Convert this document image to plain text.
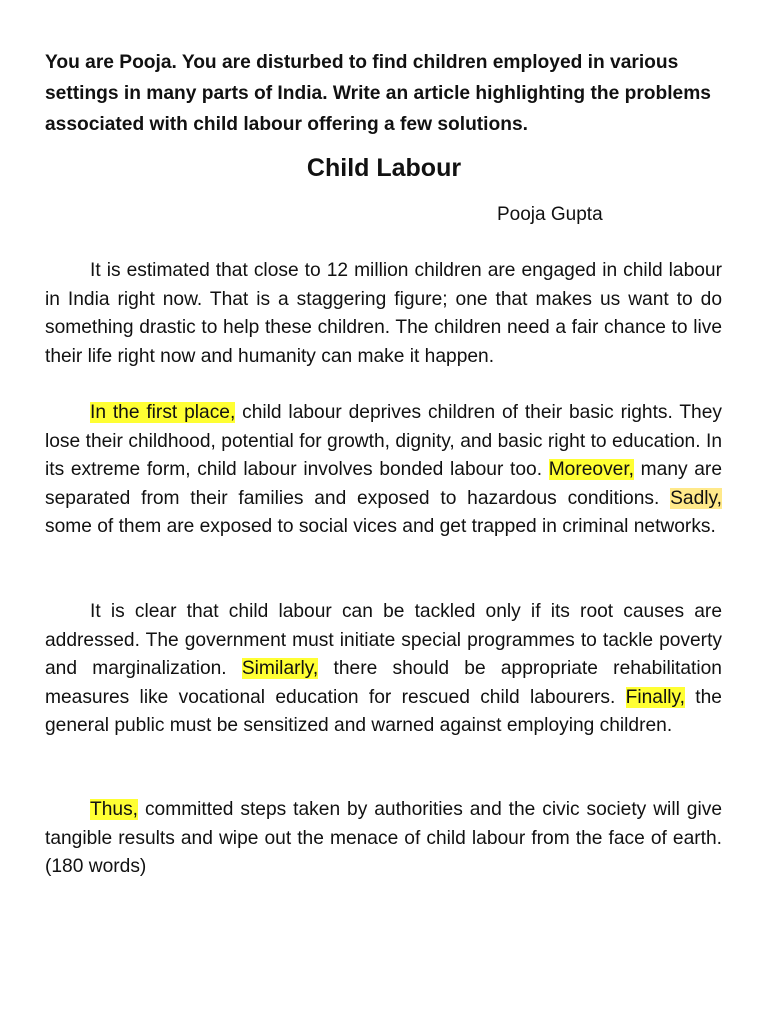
You are Pooja. You are disturbed to find children employed in various settings in many parts of India. Write an article highlighting the problems associated with child labour offering a few solutions.

Child Labour

Pooja Gupta

It is estimated that close to 12 million children are engaged in child labour in India right now. That is a staggering figure; one that makes us want to do something drastic to help these children. The children need a fair chance to live their life right now and humanity can make it happen.

In the first place, child labour deprives children of their basic rights. They lose their childhood, potential for growth, dignity, and basic right to education. In its extreme form, child labour involves bonded labour too. Moreover, many are separated from their families and exposed to hazardous conditions. Sadly, some of them are exposed to social vices and get trapped in criminal networks.

It is clear that child labour can be tackled only if its root causes are addressed. The government must initiate special programmes to tackle poverty and marginalization. Similarly, there should be appropriate rehabilitation measures like vocational education for rescued child labourers. Finally, the general public must be sensitized and warned against employing children.

Thus, committed steps taken by authorities and the civic society will give tangible results and wipe out the menace of child labour from the face of earth. (180 words)
